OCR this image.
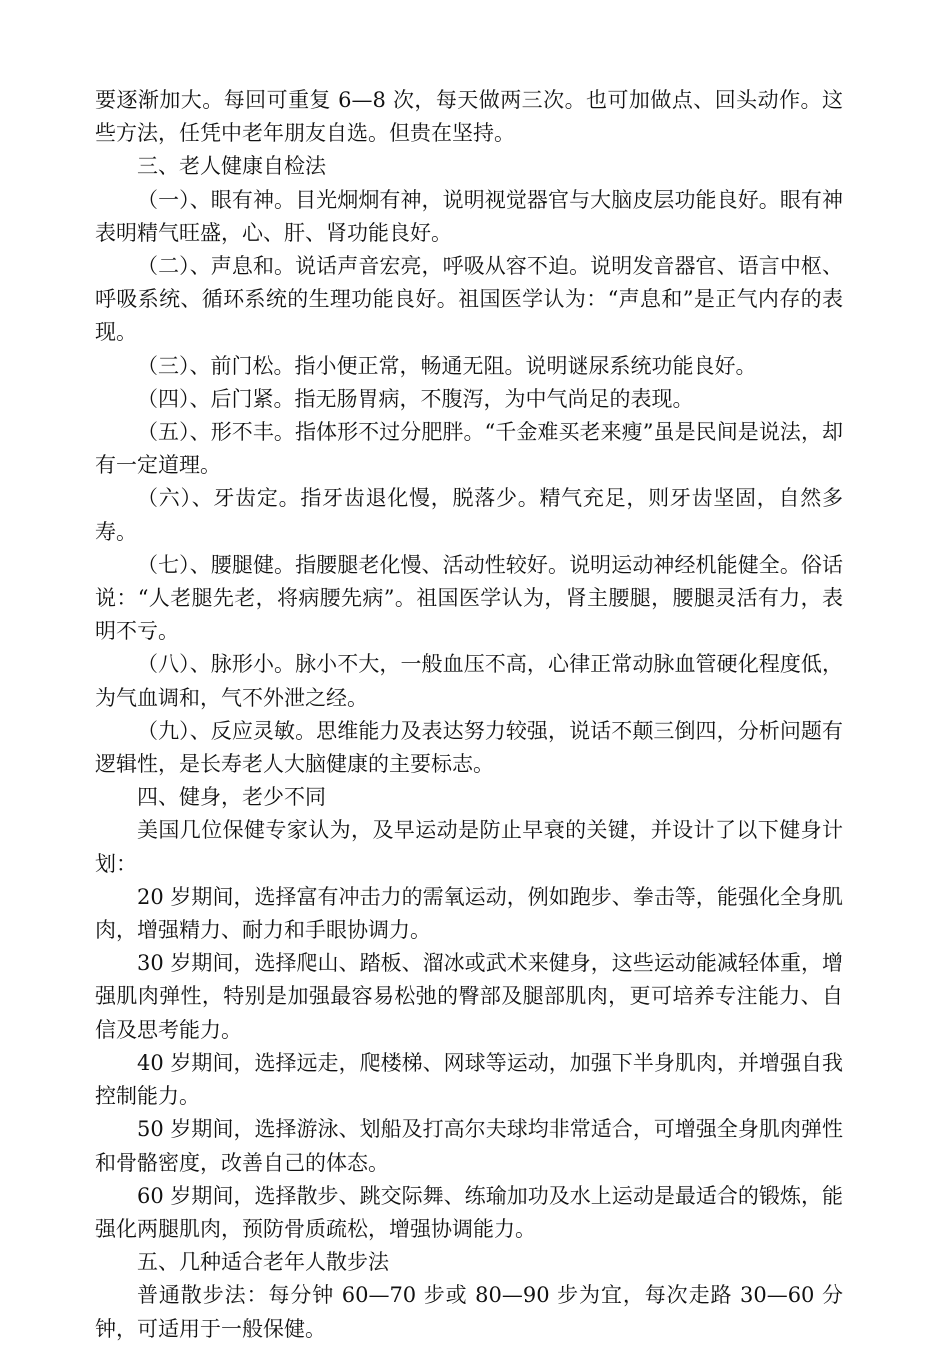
要逐渐加大。每回可重复 6—8 次，每天做两三次。也可加做点、回头动作。这些方法，任凭中老年朋友自选。但贵在坚持。

三、老人健康自检法

（一）、眼有神。目光炯炯有神，说明视觉器官与大脑皮层功能良好。眼有神表明精气旺盛，心、肝、肾功能良好。

（二）、声息和。说话声音宏亮，呼吸从容不迫。说明发音器官、语言中枢、呼吸系统、循环系统的生理功能良好。祖国医学认为：“声息和”是正气内存的表现。

（三）、前门松。指小便正常，畅通无阻。说明谜尿系统功能良好。

（四）、后门紧。指无肠胃病，不腹泻，为中气尚足的表现。

（五）、形不丰。指体形不过分肥胖。“千金难买老来瘦”虽是民间是说法，却有一定道理。

（六）、牙齿定。指牙齿退化慢，脱落少。精气充足，则牙齿坚固，自然多寿。

（七）、腰腿健。指腰腿老化慢、活动性较好。说明运动神经机能健全。俗话说：“人老腿先老，将病腰先病”。祖国医学认为，肾主腰腿，腰腿灵活有力，表明不亏。

（八）、脉形小。脉小不大，一般血压不高，心律正常动脉血管硬化程度低，为气血调和，气不外泄之经。

（九）、反应灵敏。思维能力及表达努力较强，说话不颠三倒四，分析问题有逻辑性，是长寿老人大脑健康的主要标志。

四、健身，老少不同

美国几位保健专家认为，及早运动是防止早衰的关键，并设计了以下健身计划：

20 岁期间，选择富有冲击力的需氧运动，例如跑步、拳击等，能强化全身肌肉，增强精力、耐力和手眼协调力。

30 岁期间，选择爬山、踏板、溜冰或武术来健身，这些运动能减轻体重，增强肌肉弹性，特别是加强最容易松弛的臀部及腿部肌肉，更可培养专注能力、自信及思考能力。

40 岁期间，选择远走，爬楼梯、网球等运动，加强下半身肌肉，并增强自我控制能力。

50 岁期间，选择游泳、划船及打高尔夫球均非常适合，可增强全身肌肉弹性和骨骼密度，改善自己的体态。

60 岁期间，选择散步、跳交际舞、练瑜加功及水上运动是最适合的锻炼，能强化两腿肌肉，预防骨质疏松，增强协调能力。

五、几种适合老年人散步法

普通散步法：每分钟 60—70 步或 80—90 步为宜，每次走路 30—60 分钟，可适用于一般保健。
